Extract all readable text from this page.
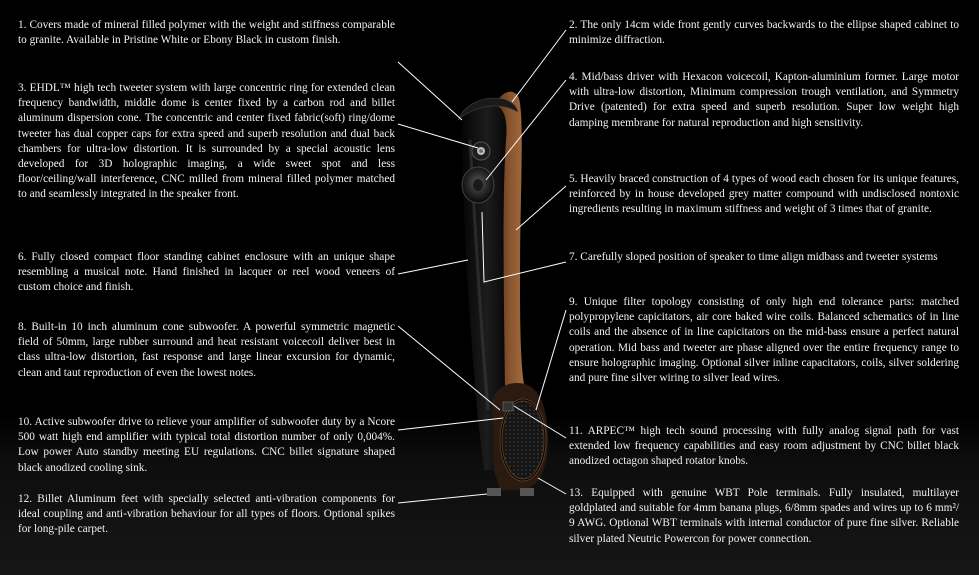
1. Covers made of mineral filled polymer with the weight and stiffness comparable to granite. Available in Pristine White or Ebony Black in custom finish.

3. EHDL™ high tech tweeter system with large concentric ring for extended clean frequency bandwidth, middle dome is center fixed by a carbon rod and billet aluminum dispersion cone. The concentric and center fixed fabric(soft) ring/dome tweeter has dual copper caps for extra speed and superb resolution and dual back chambers for ultra-low distortion. It is surrounded by a special acoustic lens developed for 3D holographic imaging, a wide sweet spot and less floor/ceiling/wall interference, CNC milled from mineral filled polymer matched to and seamlessly integrated in the speaker front.

6. Fully closed compact floor standing cabinet enclosure with an unique shape resembling a musical note. Hand finished in lacquer or reel wood veneers of custom choice and finish.

8. Built-in 10 inch aluminum cone subwoofer. A powerful symmetric magnetic field of 50mm, large rubber surround and heat resistant voicecoil deliver best in class ultra-low distortion, fast response and large linear excursion for dynamic, clean and taut reproduction of even the lowest notes.

10. Active subwoofer drive to relieve your amplifier of subwoofer duty by a Ncore 500 watt high end amplifier with typical total distortion number of only 0,004%. Low power Auto standby meeting EU regulations. CNC billet signature shaped black anodized cooling sink.

12. Billet Aluminum feet with specially selected anti-vibration components for ideal coupling and anti-vibration behaviour for all types of floors. Optional spikes for long-pile carpet.

2. The only 14cm wide front gently curves backwards to the ellipse shaped cabinet to minimize diffraction.

4. Mid/bass driver with Hexacon voicecoil, Kapton-aluminium former. Large motor with ultra-low distortion, Minimum compression trough ventilation, and Symmetry Drive (patented) for extra speed and superb resolution. Super low weight high damping membrane for natural reproduction and high sensitivity.

5. Heavily braced construction of 4 types of wood each chosen for its unique features, reinforced by in house developed grey matter compound with undisclosed nontoxic ingredients resulting in maximum stiffness and weight of 3 times that of granite.

7. Carefully sloped position of speaker to time align midbass and tweeter systems

9. Unique filter topology consisting of only high end tolerance parts: matched polypropylene capicitators, air core baked wire coils. Balanced schematics of in line coils and the absence of in line capicitators on the mid-bass ensure a perfect natural operation. Mid bass and tweeter are phase aligned over the entire frequency range to ensure holographic imaging. Optional silver inline capacitators, coils, silver soldering and pure fine silver wiring to silver lead wires.

11. ARPEC™ high tech sound processing with fully analog signal path for vast extended low frequency capabilities and easy room adjustment by CNC billet black anodized octagon shaped rotator knobs.

13. Equipped with genuine WBT Pole terminals. Fully insulated, multilayer goldplated and suitable for 4mm banana plugs, 6/8mm spades and wires up to 6 mm²/ 9 AWG. Optional WBT terminals with internal conductor of pure fine silver. Reliable silver plated Neutric Powercon for power connection.
